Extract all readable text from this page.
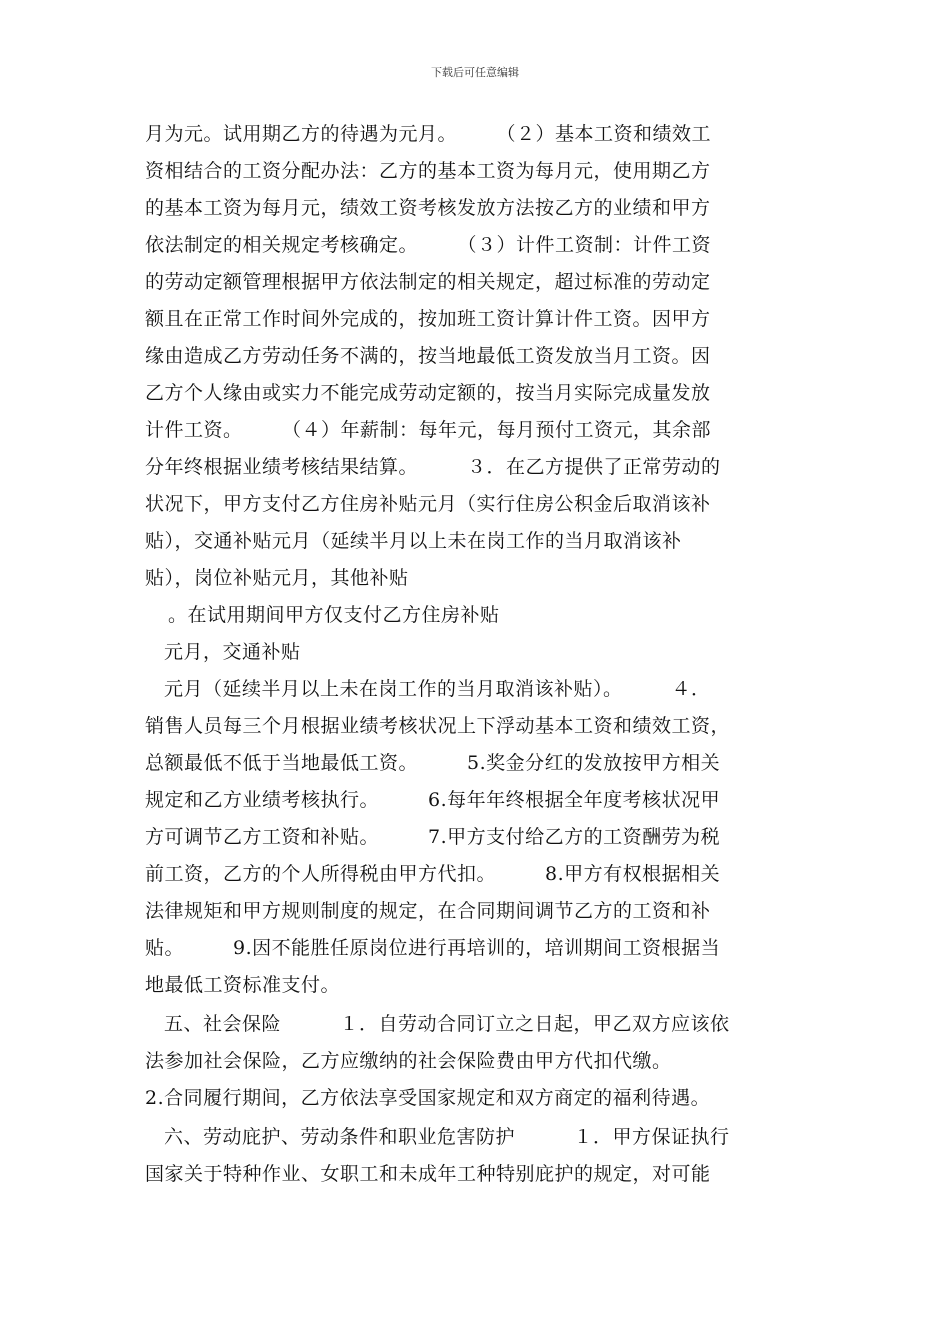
下载后可任意编辑
月为元。试用期乙方的待遇为元月。　　　（２）基本工资和绩效工
资相结合的工资分配办法：乙方的基本工资为每月元，使用期乙方
的基本工资为每月元，绩效工资考核发放方法按乙方的业绩和甲方
依法制定的相关规定考核确定。　　　（３）计件工资制：计件工资
的劳动定额管理根据甲方依法制定的相关规定，超过标准的劳动定
额且在正常工作时间外完成的，按加班工资计算计件工资。因甲方
缘由造成乙方劳动任务不满的，按当地最低工资发放当月工资。因
乙方个人缘由或实力不能完成劳动定额的，按当月实际完成量发放
计件工资。　　　（４）年薪制：每年元，每月预付工资元，其余部
分年终根据业绩考核结果结算。　　　３．在乙方提供了正常劳动的
状况下，甲方支付乙方住房补贴元月（实行住房公积金后取消该补
贴），交通补贴元月（延续半月以上未在岗工作的当月取消该补
贴），岗位补贴元月，其他补贴
。在试用期间甲方仅支付乙方住房补贴
元月，交通补贴
元月（延续半月以上未在岗工作的当月取消该补贴）。　　　４．
销售人员每三个月根据业绩考核状况上下浮动基本工资和绩效工资，
总额最低不低于当地最低工资。　　　5.奖金分红的发放按甲方相关
规定和乙方业绩考核执行。　　　6.每年年终根据全年度考核状况甲
方可调节乙方工资和补贴。　　　7.甲方支付给乙方的工资酬劳为税
前工资，乙方的个人所得税由甲方代扣。　　　8.甲方有权根据相关
法律规矩和甲方规则制度的规定，在合同期间调节乙方的工资和补
贴。　　　9.因不能胜任原岗位进行再培训的，培训期间工资根据当
地最低工资标准支付。
五、社会保险　　　１．自劳动合同订立之日起，甲乙双方应该依
法参加社会保险，乙方应缴纳的社会保险费由甲方代扣代缴。
2.合同履行期间，乙方依法享受国家规定和双方商定的福利待遇。
六、劳动庇护、劳动条件和职业危害防护　　　１．甲方保证执行
国家关于特种作业、女职工和未成年工种特别庇护的规定，对可能
